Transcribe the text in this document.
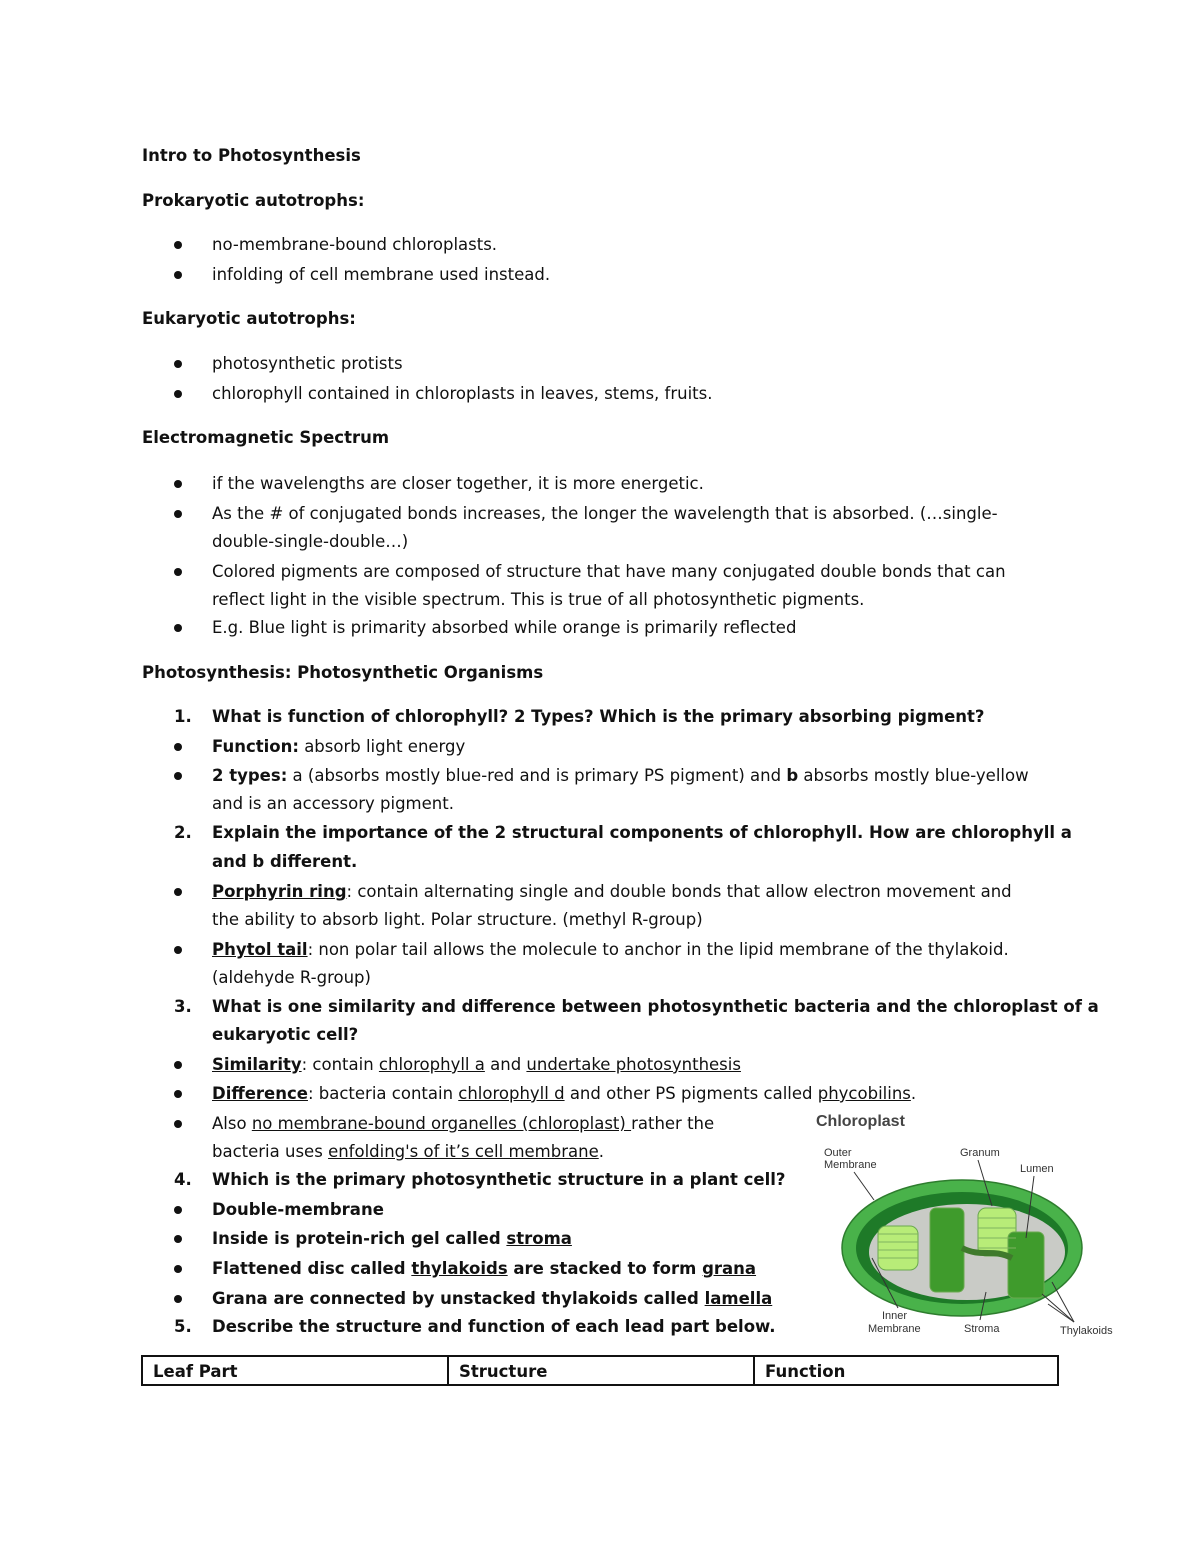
Intro to Photosynthesis
Prokaryotic autotrophs:
no-membrane-bound chloroplasts.
infolding of cell membrane used instead.
Eukaryotic autotrophs:
photosynthetic protists
chlorophyll contained in chloroplasts in leaves, stems, fruits.
Electromagnetic Spectrum
if the wavelengths are closer together, it is more energetic.
As the # of conjugated bonds increases, the longer the wavelength that is absorbed. (…single-
double-single-double…)
Colored pigments are composed of structure that have many conjugated double bonds that can
reflect light in the visible spectrum. This is true of all photosynthetic pigments.
E.g. Blue light is primarity absorbed while orange is primarily reflected
Photosynthesis: Photosynthetic Organisms
1. What is function of chlorophyll? 2 Types? Which is the primary absorbing pigment?
Function: absorb light energy
2 types: a (absorbs mostly blue-red and is primary PS pigment) and b absorbs mostly blue-yellow
and is an accessory pigment.
2. Explain the importance of the 2 structural components of chlorophyll. How are chlorophyll a
and b different.
Porphyrin ring: contain alternating single and double bonds that allow electron movement and
the ability to absorb light. Polar structure. (methyl R-group)
Phytol tail: non polar tail allows the molecule to anchor in the lipid membrane of the thylakoid.
(aldehyde R-group)
3. What is one similarity and difference between photosynthetic bacteria and the chloroplast of a
eukaryotic cell?
Similarity: contain chlorophyll a and undertake photosynthesis
Difference: bacteria contain chlorophyll d and other PS pigments called phycobilins.
Also no membrane-bound organelles (chloroplast) rather the
bacteria uses enfolding's of it’s cell membrane.
4. Which is the primary photosynthetic structure in a plant cell?
Double-membrane
Inside is protein-rich gel called stroma
Flattened disc called thylakoids are stacked to form grana
Grana are connected by unstacked thylakoids called lamella
5. Describe the structure and function of each lead part below.
Chloroplast
Outer
Membrane
Granum
Lumen
Inner
Membrane	Stroma	Thylakoids
Leaf Part	Structure	Function
